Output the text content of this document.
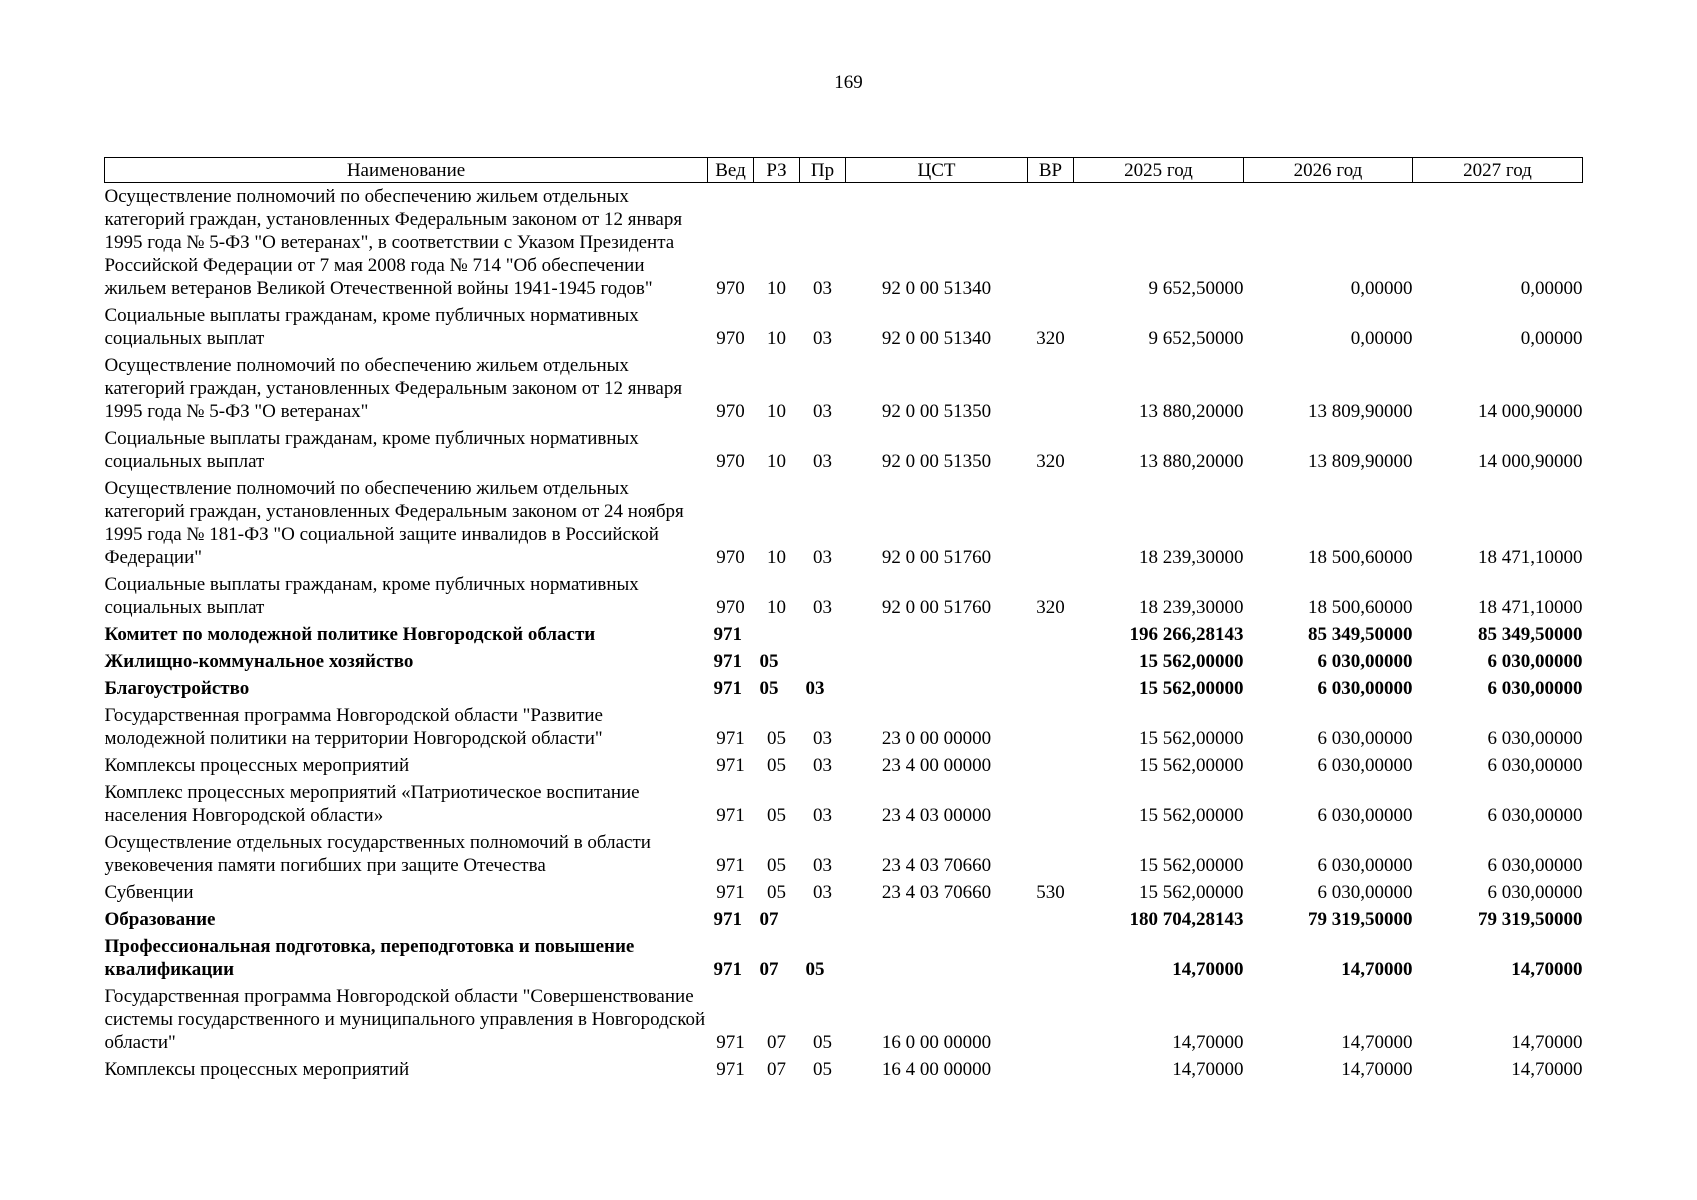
169
Наименование	Вед	РЗ	Пр	ЦСТ	ВР	2025 год	2026 год	2027 год
Осуществление полномочий по обеспечению жильем отдельных категорий граждан, установленных Федеральным законом от 12 января 1995 года № 5-ФЗ "О ветеранах", в соответствии с Указом Президента Российской Федерации от 7 мая 2008 года № 714 "Об обеспечении жильем ветеранов Великой Отечественной войны 1941-1945 годов"	970	10	03	92 0 00 51340		9 652,50000	0,00000	0,00000
Социальные выплаты гражданам, кроме публичных нормативных социальных выплат	970	10	03	92 0 00 51340	320	9 652,50000	0,00000	0,00000
Осуществление полномочий по обеспечению жильем отдельных категорий граждан, установленных Федеральным законом от 12 января 1995 года № 5-ФЗ "О ветеранах"	970	10	03	92 0 00 51350		13 880,20000	13 809,90000	14 000,90000
Социальные выплаты гражданам, кроме публичных нормативных социальных выплат	970	10	03	92 0 00 51350	320	13 880,20000	13 809,90000	14 000,90000
Осуществление полномочий по обеспечению жильем отдельных категорий граждан, установленных Федеральным законом от 24 ноября 1995 года № 181-ФЗ "О социальной защите инвалидов в Российской Федерации"	970	10	03	92 0 00 51760		18 239,30000	18 500,60000	18 471,10000
Социальные выплаты гражданам, кроме публичных нормативных социальных выплат	970	10	03	92 0 00 51760	320	18 239,30000	18 500,60000	18 471,10000
Комитет по молодежной политике Новгородской области	971					196 266,28143	85 349,50000	85 349,50000
Жилищно-коммунальное хозяйство	971	05				15 562,00000	6 030,00000	6 030,00000
Благоустройство	971	05	03			15 562,00000	6 030,00000	6 030,00000
Государственная программа Новгородской области "Развитие молодежной политики на территории Новгородской области"	971	05	03	23 0 00 00000		15 562,00000	6 030,00000	6 030,00000
Комплексы процессных мероприятий	971	05	03	23 4 00 00000		15 562,00000	6 030,00000	6 030,00000
Комплекс процессных мероприятий «Патриотическое воспитание населения Новгородской области»	971	05	03	23 4 03 00000		15 562,00000	6 030,00000	6 030,00000
Осуществление отдельных государственных полномочий в области увековечения памяти погибших при защите Отечества	971	05	03	23 4 03 70660		15 562,00000	6 030,00000	6 030,00000
Субвенции	971	05	03	23 4 03 70660	530	15 562,00000	6 030,00000	6 030,00000
Образование	971	07				180 704,28143	79 319,50000	79 319,50000
Профессиональная подготовка, переподготовка и повышение квалификации	971	07	05			14,70000	14,70000	14,70000
Государственная программа Новгородской области "Совершенствование системы государственного и муниципального управления в Новгородской области"	971	07	05	16 0 00 00000		14,70000	14,70000	14,70000
Комплексы процессных мероприятий	971	07	05	16 4 00 00000		14,70000	14,70000	14,70000
